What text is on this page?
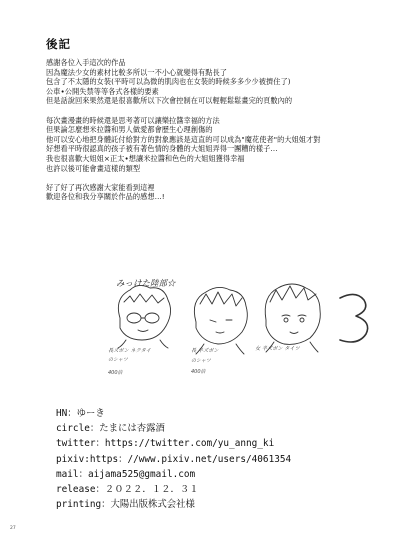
後記

感謝各位入手這次的作品
因為魔法少女的素材比較多所以一不小心就變得有點長了
包含了不太隱的女裝(平時可以為微的肌肉也在女裝的時候多多少少被擠住了)
公車•公開失禁等等各式各樣的要素
但是話說回來果然還是很喜歡所以下次會控制在可以輕輕鬆鬆畫完的頁數內的

每次畫漫畫的時候還是思考著可以讓樂拉醬幸福的方法
但果論怎麼想米拉醬和男人做愛都會歷生心理創傷的
他可以安心地把身體託付給對方的對象應該是這直的可以成為"魔花使者"的大姐姐才對
好想看平時很認真的孩子被有著色情的身體的大姐姐弄得一團糟的樣子…
我也很喜歡大姐姐×正太•想讓米拉醬和色色的大姐姐獲得幸福
也許以後可能會畫這樣的類型

好了好了再次感謝大家能看到這裡
歡迎各位和我分享關於作品的感想…!

みっけた陸部☆

長ズボン ネクタイ	長 半ズボン	女 半ズボン タイツ
のシャツ
400倍
のシャツ
400倍
HN：ゆーき
circle：たまには杏露酒
twitter：https://twitter.com/yu_anng_ki
pixiv:https：//www.pixiv.net/users/4061354
mail：aijama525@gmail.com
release：２０２２．１２．３１
printing：大陽出版株式会社様
27
